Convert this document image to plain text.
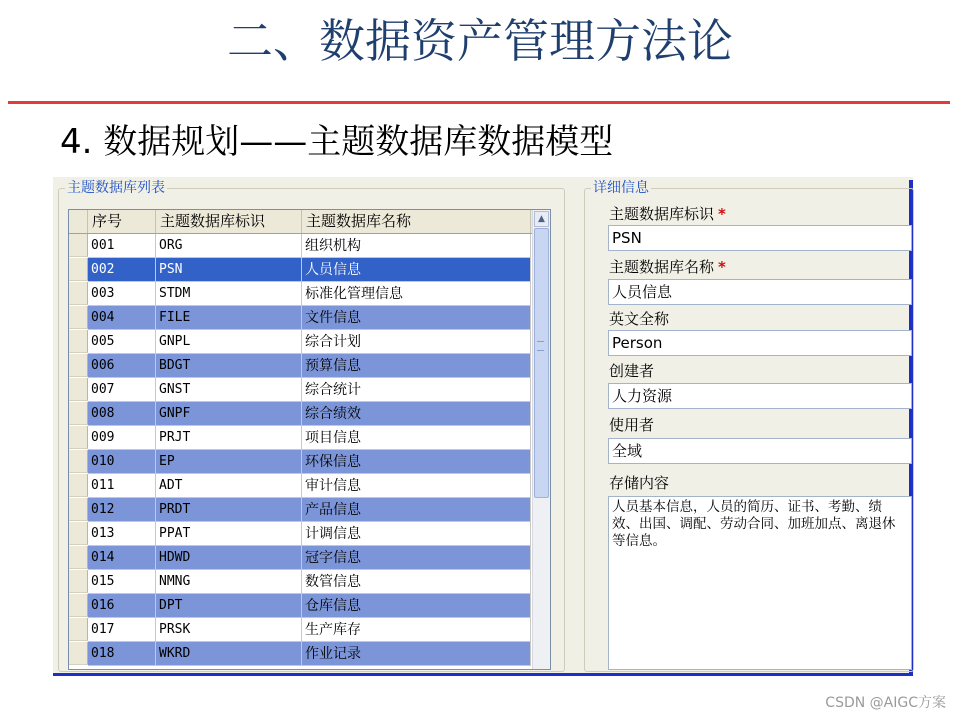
二、数据资产管理方法论
4. 数据规划——主题数据库数据模型
主题数据库列表
序号	主题数据库标识	主题数据库名称
001	ORG	组织机构
002	PSN	人员信息
003	STDM	标准化管理信息
004	FILE	文件信息
005	GNPL	综合计划
006	BDGT	预算信息
007	GNST	综合统计
008	GNPF	综合绩效
009	PRJT	项目信息
010	EP	环保信息
011	ADT	审计信息
012	PRDT	产品信息
013	PPAT	计调信息
014	HDWD	冠字信息
015	NMNG	数管信息
016	DPT	仓库信息
017	PRSK	生产库存
018	WKRD	作业记录
▲
详细信息
主题数据库标识 *
PSN
主题数据库名称 *
人员信息
英文全称
Person
创建者
人力资源
使用者
全域
存储内容
人员基本信息，人员的简历、证书、考勤、绩效、出国、调配、劳动合同、加班加点、离退休等信息。
CSDN @AIGC方案
